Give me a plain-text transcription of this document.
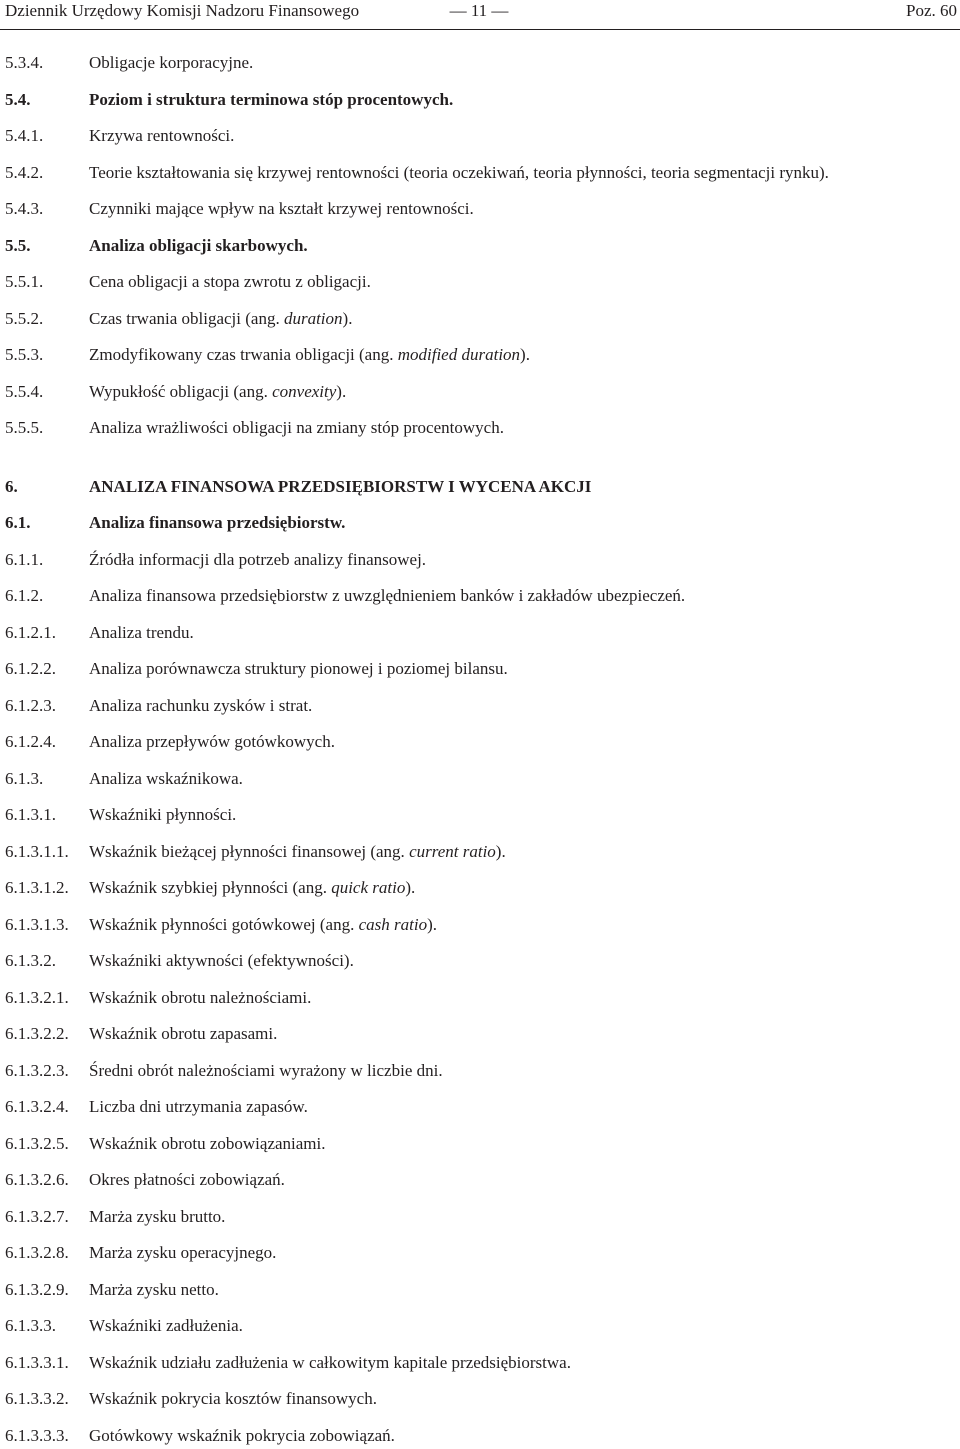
Dziennik Urzędowy Komisji Nadzoru Finansowego	— 11 —	Poz. 60
5.3.4.	Obligacje korporacyjne.
5.4.	Poziom i struktura terminowa stóp procentowych.
5.4.1.	Krzywa rentowności.
5.4.2.	Teorie kształtowania się krzywej rentowności (teoria oczekiwań, teoria płynności, teoria segmentacji rynku).
5.4.3.	Czynniki mające wpływ na kształt krzywej rentowności.
5.5.	Analiza obligacji skarbowych.
5.5.1.	Cena obligacji a stopa zwrotu z obligacji.
5.5.2.	Czas trwania obligacji (ang. duration).
5.5.3.	Zmodyfikowany czas trwania obligacji (ang. modified duration).
5.5.4.	Wypukłość obligacji (ang. convexity).
5.5.5.	Analiza wrażliwości obligacji na zmiany stóp procentowych.
6.	ANALIZA FINANSOWA PRZEDSIĘBIORSTW I WYCENA AKCJI
6.1.	Analiza finansowa przedsiębiorstw.
6.1.1.	Źródła informacji dla potrzeb analizy finansowej.
6.1.2.	Analiza finansowa przedsiębiorstw z uwzględnieniem banków i zakładów ubezpieczeń.
6.1.2.1. Analiza trendu.
6.1.2.2. Analiza porównawcza struktury pionowej i poziomej bilansu.
6.1.2.3. Analiza rachunku zysków i strat.
6.1.2.4. Analiza przepływów gotówkowych.
6.1.3.	Analiza wskaźnikowa.
6.1.3.1. Wskaźniki płynności.
6.1.3.1.1. Wskaźnik bieżącej płynności finansowej (ang. current ratio).
6.1.3.1.2. Wskaźnik szybkiej płynności (ang. quick ratio).
6.1.3.1.3. Wskaźnik płynności gotówkowej (ang. cash ratio).
6.1.3.2. Wskaźniki aktywności (efektywności).
6.1.3.2.1. Wskaźnik obrotu należnościami.
6.1.3.2.2. Wskaźnik obrotu zapasami.
6.1.3.2.3. Średni obrót należnościami wyrażony w liczbie dni.
6.1.3.2.4. Liczba dni utrzymania zapasów.
6.1.3.2.5. Wskaźnik obrotu zobowiązaniami.
6.1.3.2.6. Okres płatności zobowiązań.
6.1.3.2.7. Marża zysku brutto.
6.1.3.2.8. Marża zysku operacyjnego.
6.1.3.2.9. Marża zysku netto.
6.1.3.3. Wskaźniki zadłużenia.
6.1.3.3.1. Wskaźnik udziału zadłużenia w całkowitym kapitale przedsiębiorstwa.
6.1.3.3.2. Wskaźnik pokrycia kosztów finansowych.
6.1.3.3.3. Gotówkowy wskaźnik pokrycia zobowiązań.
